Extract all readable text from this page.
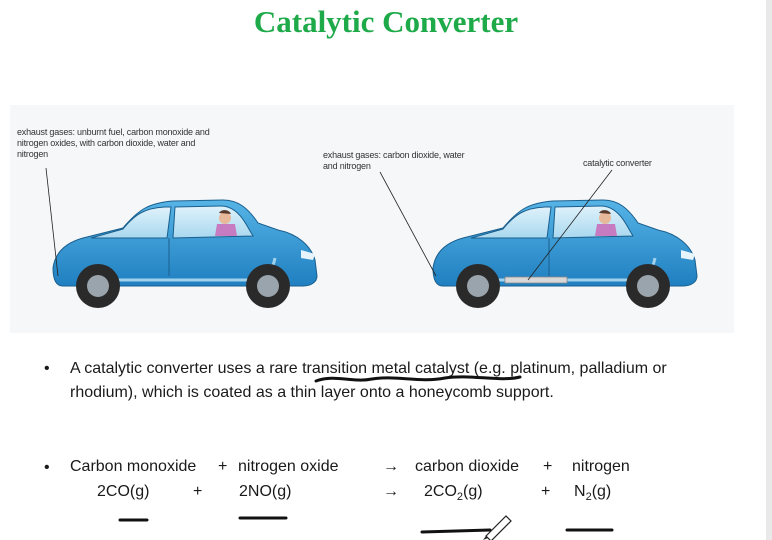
Catalytic Converter
exhaust gases: unburnt fuel, carbon monoxide and nitrogen oxides, with carbon dioxide, water and nitrogen	exhaust gases: carbon dioxide, water and nitrogen	catalytic converter
• A catalytic converter uses a rare transition metal catalyst (e.g. platinum, palladium or rhodium), which is coated as a thin layer onto a honeycomb support.
• Carbon monoxide + nitrogen oxide	→ carbon dioxide + nitrogen
2CO(g)	+ 2NO(g)	→ $2CO_2(g)$	+ $N_2(g)$
